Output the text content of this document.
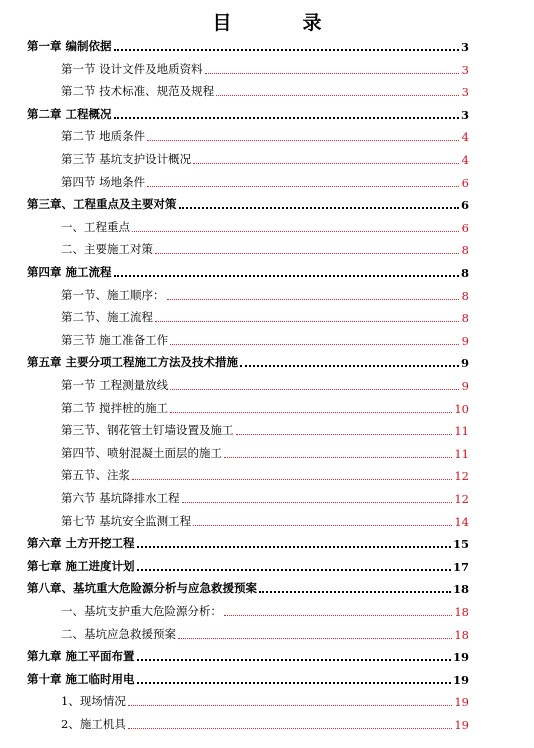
目　录
第一章 编制依据	3
第一节 设计文件及地质资料	3
第二节 技术标准、规范及规程	3
第二章 工程概况	3
第二节 地质条件	4
第三节 基坑支护设计概况	4
第四节 场地条件	6
第三章、工程重点及主要对策	6
一、工程重点	6
二、主要施工对策	8
第四章 施工流程	8
第一节、施工顺序：	8
第二节、施工流程	8
第三节 施工准备工作	9
第五章 主要分项工程施工方法及技术措施	9
第一节 工程测量放线	9
第二节 搅拌桩的施工	10
第三节、钢花管土钉墙设置及施工	11
第四节、喷射混凝土面层的施工	11
第五节、注浆	12
第六节 基坑降排水工程	12
第七节 基坑安全监测工程	14
第六章 土方开挖工程	15
第七章 施工进度计划	17
第八章、基坑重大危险源分析与应急救援预案	18
一、基坑支护重大危险源分析：	18
二、基坑应急救援预案	18
第九章 施工平面布置	19
第十章 施工临时用电	19
1、现场情况	19
2、施工机具	19
